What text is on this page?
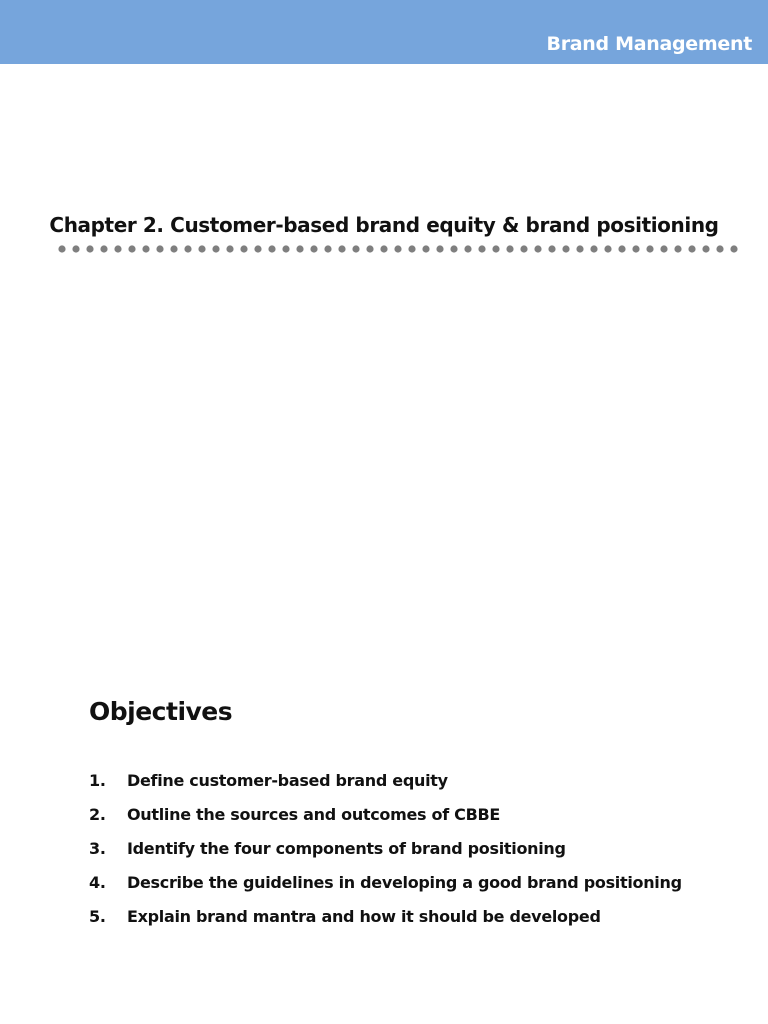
Brand Management
Chapter 2. Customer-based brand equity & brand positioning
Objectives
1.	Define customer-based brand equity
2.	Outline the sources and outcomes of CBBE
3.	Identify the four components of brand positioning
4.	Describe the guidelines in developing a good brand positioning
5.	Explain brand mantra and how it should be developed
